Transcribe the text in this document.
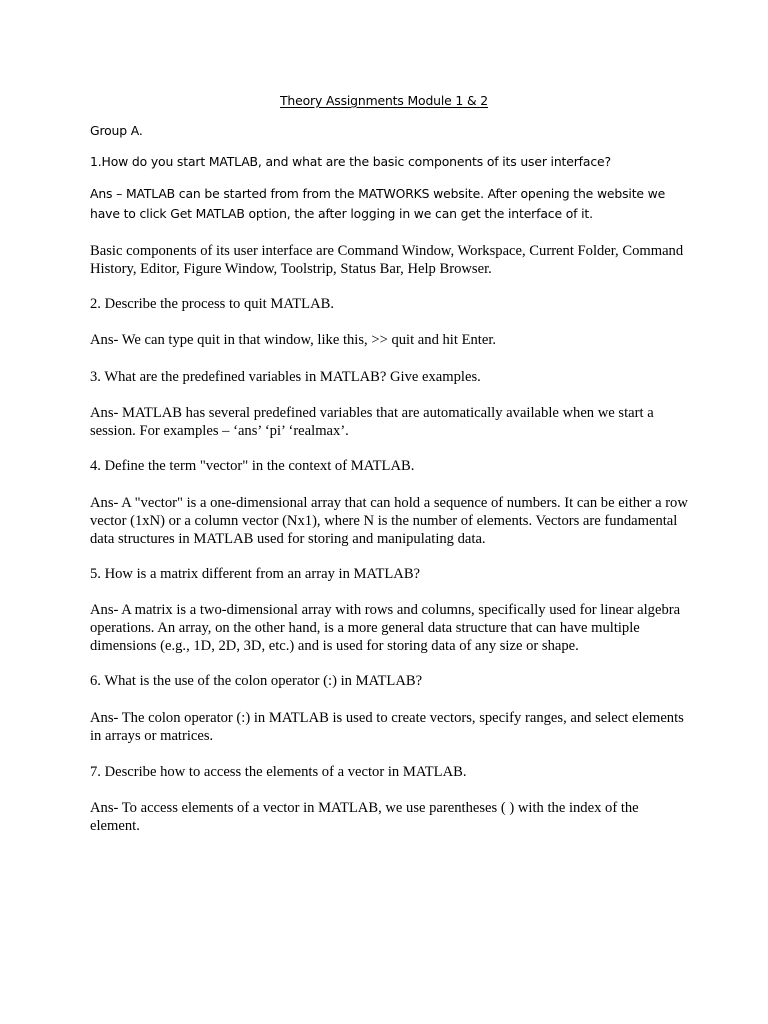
Theory Assignments Module 1 & 2
Group A.
1.How do you start MATLAB, and what are the basic components of its user interface?
Ans – MATLAB can be started from from the MATWORKS website. After opening the website we have to click Get MATLAB option, the after logging in we can get the interface of it.
Basic components of its user interface are Command Window, Workspace, Current Folder, Command History, Editor, Figure Window, Toolstrip, Status Bar, Help Browser.
2. Describe the process to quit MATLAB.
Ans- We can type quit in that window, like this, >> quit and hit Enter.
3. What are the predefined variables in MATLAB? Give examples.
Ans- MATLAB has several predefined variables that are automatically available when we start a session. For examples – ‘ans’ ‘pi’ ‘realmax’.
4. Define the term "vector" in the context of MATLAB.
Ans- A "vector" is a one-dimensional array that can hold a sequence of numbers. It can be either a row vector (1xN) or a column vector (Nx1), where N is the number of elements. Vectors are fundamental data structures in MATLAB used for storing and manipulating data.
5. How is a matrix different from an array in MATLAB?
Ans- A matrix is a two-dimensional array with rows and columns, specifically used for linear algebra operations. An array, on the other hand, is a more general data structure that can have multiple dimensions (e.g., 1D, 2D, 3D, etc.) and is used for storing data of any size or shape.
6. What is the use of the colon operator (:) in MATLAB?
Ans- The colon operator (:) in MATLAB is used to create vectors, specify ranges, and select elements in arrays or matrices.
7. Describe how to access the elements of a vector in MATLAB.
Ans- To access elements of a vector in MATLAB, we use parentheses ( ) with the index of the element.
